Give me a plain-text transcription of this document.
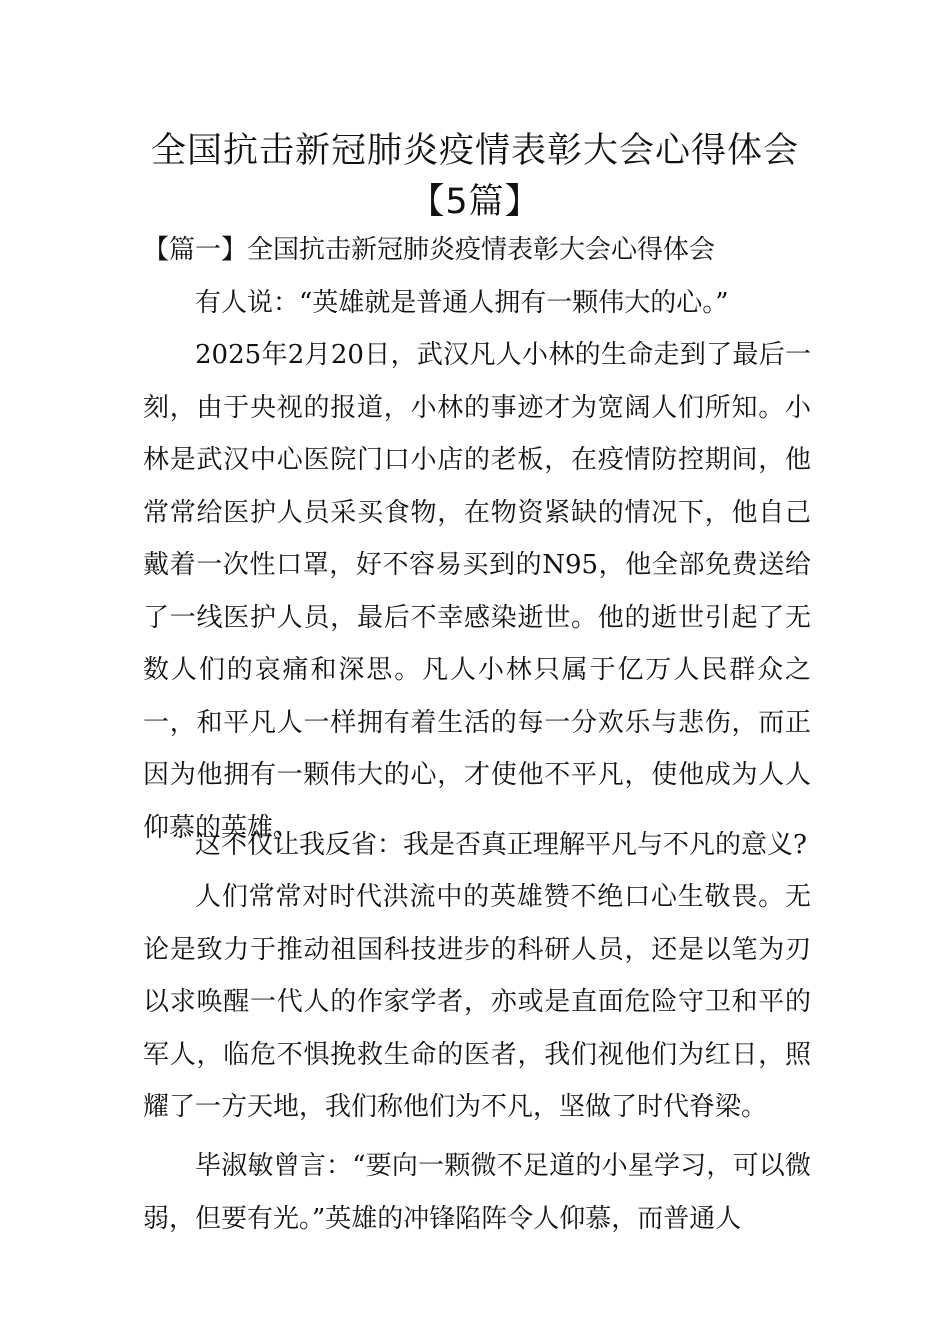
全国抗击新冠肺炎疫情表彰大会心得体会
【5篇】
【篇一】全国抗击新冠肺炎疫情表彰大会心得体会

有人说：“英雄就是普通人拥有一颗伟大的心。”

2025年2月20日，武汉凡人小林的生命走到了最后一刻，由于央视的报道，小林的事迹才为宽阔人们所知。小林是武汉中心医院门口小店的老板，在疫情防控期间，他常常给医护人员采买食物，在物资紧缺的情况下，他自己戴着一次性口罩，好不容易买到的N95，他全部免费送给了一线医护人员，最后不幸感染逝世。他的逝世引起了无数人们的哀痛和深思。凡人小林只属于亿万人民群众之一，和平凡人一样拥有着生活的每一分欢乐与悲伤，而正因为他拥有一颗伟大的心，才使他不平凡，使他成为人人仰慕的英雄。

这不仅让我反省：我是否真正理解平凡与不凡的意义?

人们常常对时代洪流中的英雄赞不绝口心生敬畏。无论是致力于推动祖国科技进步的科研人员，还是以笔为刃以求唤醒一代人的作家学者，亦或是直面危险守卫和平的军人，临危不惧挽救生命的医者，我们视他们为红日，照耀了一方天地，我们称他们为不凡，坚做了时代脊梁。

毕淑敏曾言：“要向一颗微不足道的小星学习，可以微弱，但要有光。”英雄的冲锋陷阵令人仰慕，而普通人
